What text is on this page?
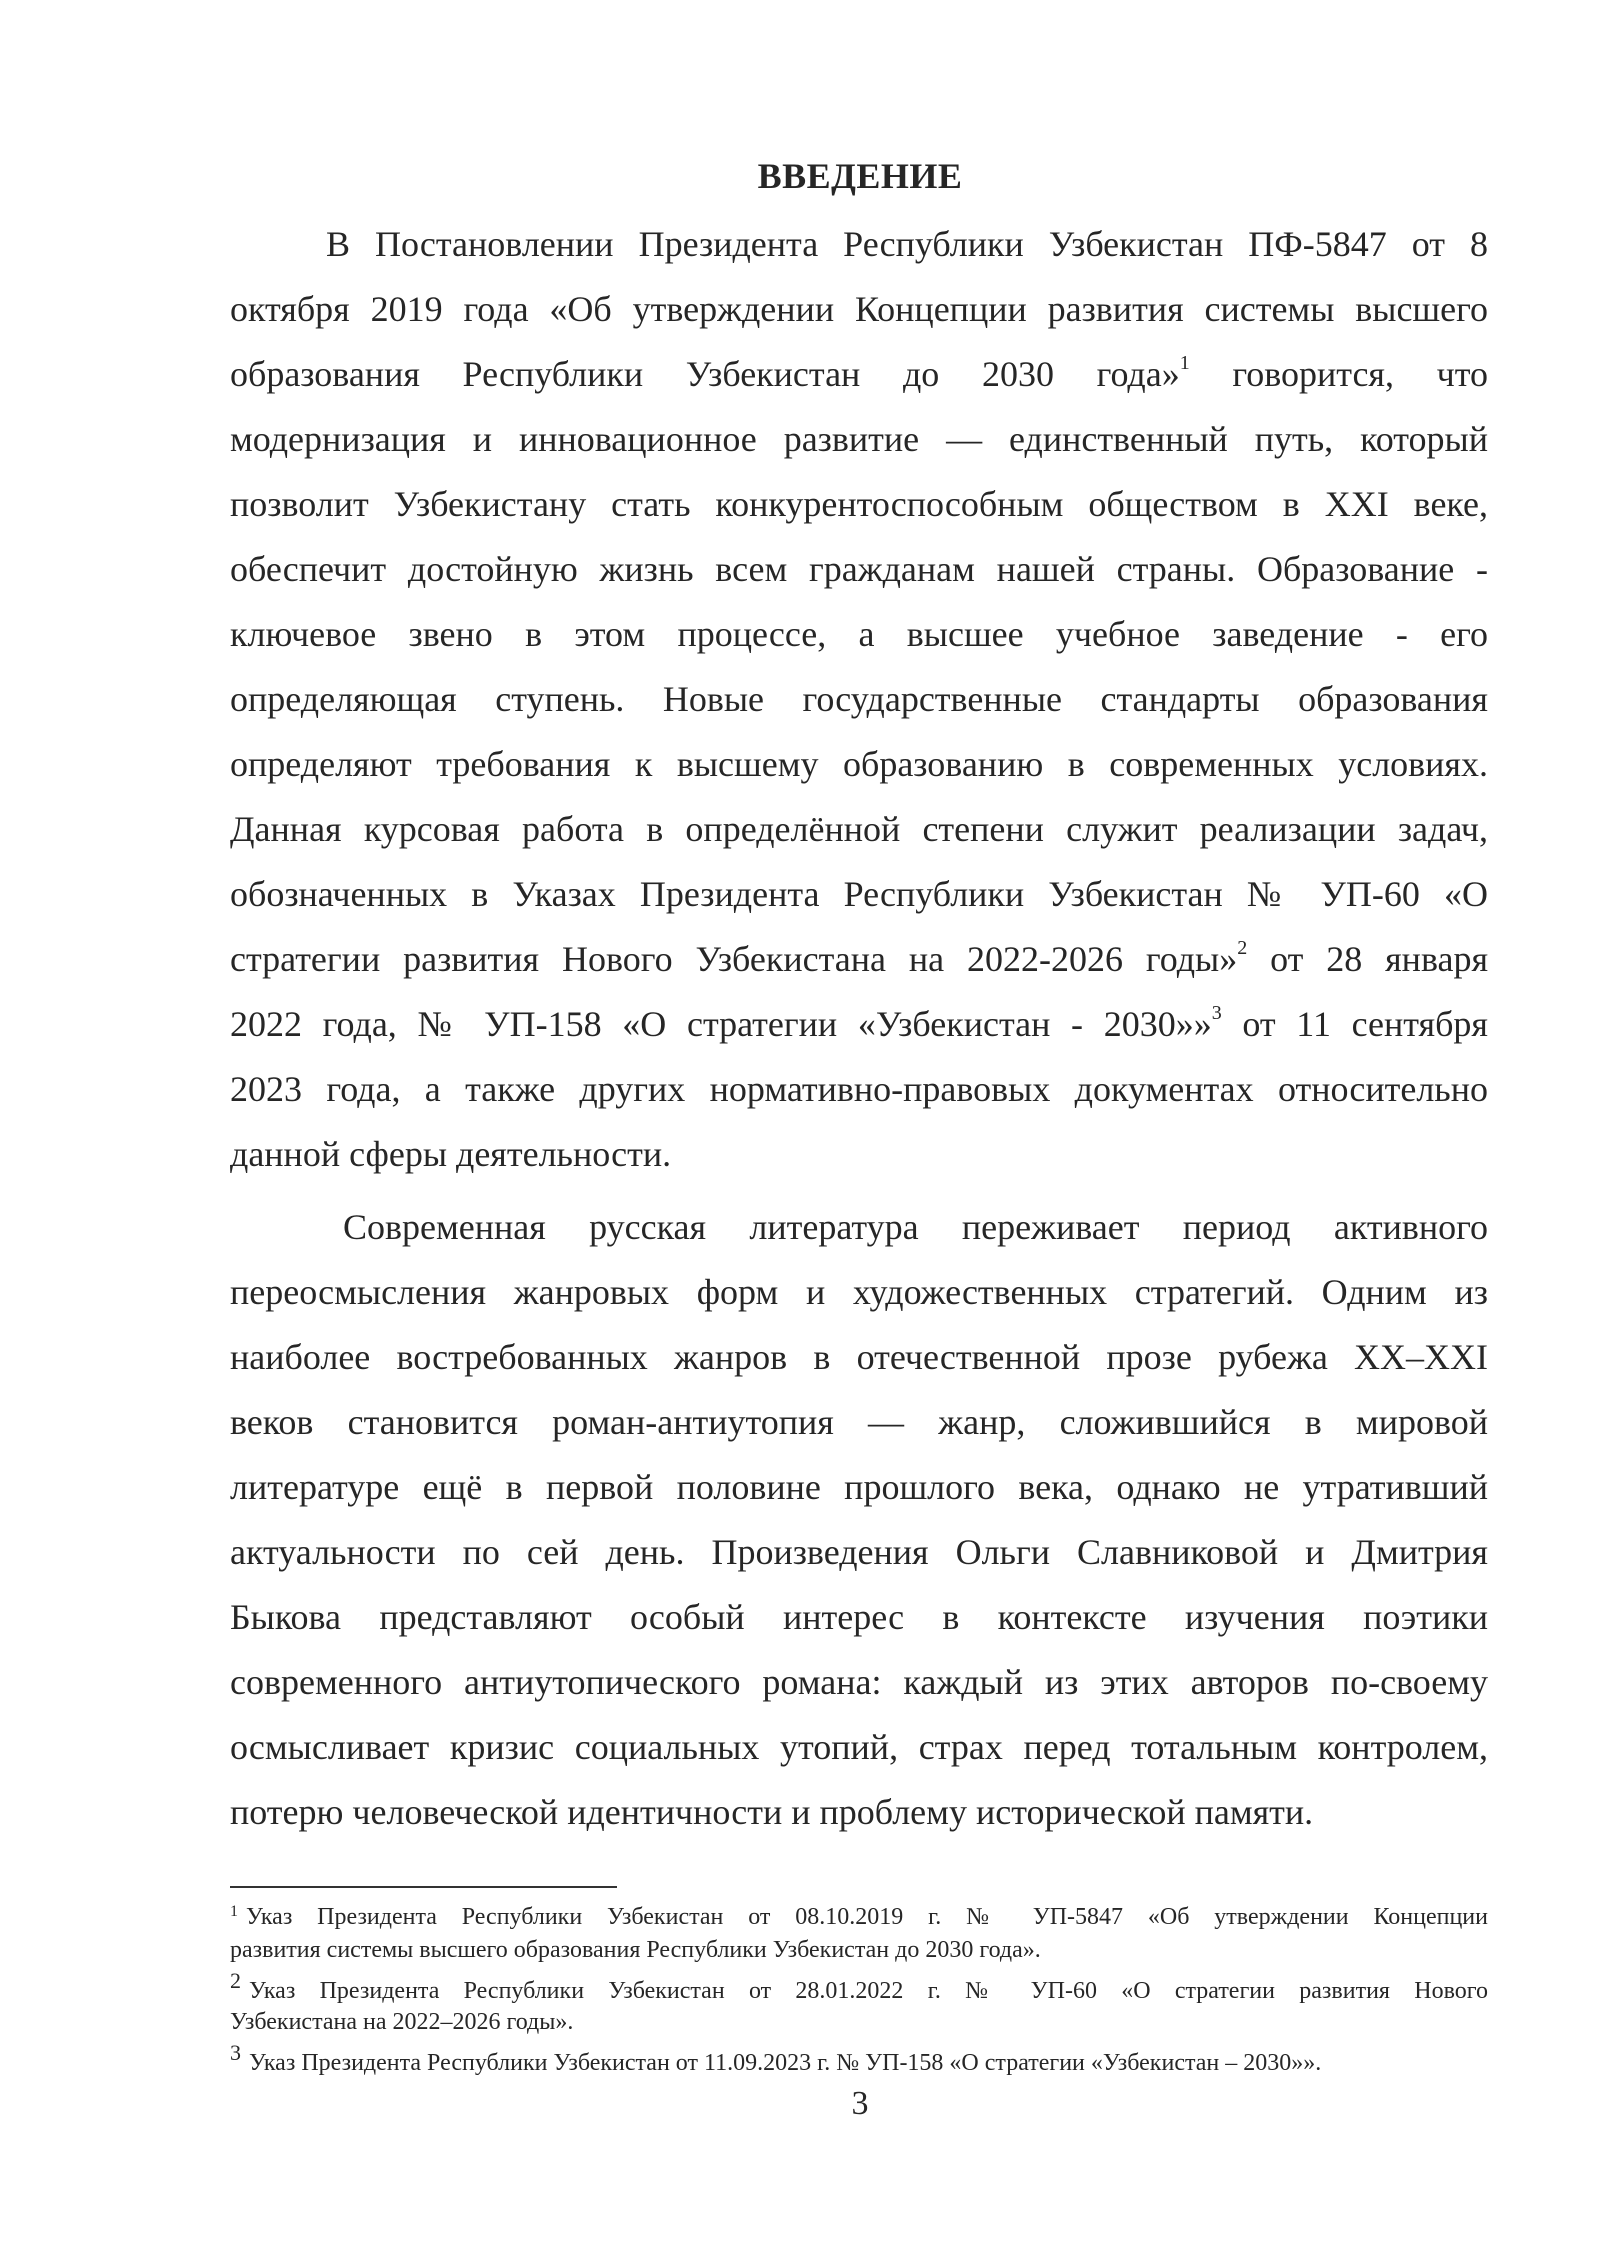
ВВЕДЕНИЕ
В Постановлении Президента Республики Узбекистан ПФ-5847 от 8
октября 2019 года «Об утверждении Концепции развития системы высшего
образования Республики Узбекистан до 2030 года»$^1$ говорится, что
модернизация и инновационное развитие — единственный путь, который
позволит Узбекистану стать конкурентоспособным обществом в XXI веке,
обеспечит достойную жизнь всем гражданам нашей страны. Образование -
ключевое звено в этом процессе, а высшее учебное заведение - его
определяющая ступень. Новые государственные стандарты образования
определяют требования к высшему образованию в современных условиях.
Данная курсовая работа в определённой степени служит реализации задач,
обозначенных в Указах Президента Республики Узбекистан № УП-60 «О
стратегии развития Нового Узбекистана на 2022-2026 годы»$^2$ от 28 января
2022 года, № УП-158 «О стратегии «Узбекистан - 2030»»$^3$ от 11 сентября
2023 года, а также других нормативно-правовых документах относительно
данной сферы деятельности.
Современная русская литература переживает период активного
переосмысления жанровых форм и художественных стратегий. Одним из
наиболее востребованных жанров в отечественной прозе рубежа XX–XXI
веков становится роман-антиутопия — жанр, сложившийся в мировой
литературе ещё в первой половине прошлого века, однако не утративший
актуальности по сей день. Произведения Ольги Славниковой и Дмитрия
Быкова представляют особый интерес в контексте изучения поэтики
современного антиутопического романа: каждый из этих авторов по-своему
осмысливает кризис социальных утопий, страх перед тотальным контролем,
потерю человеческой идентичности и проблему исторической памяти.
$^1$ Указ Президента Республики Узбекистан от 08.10.2019 г. № УП-5847 «Об утверждении Концепции
развития системы высшего образования Республики Узбекистан до 2030 года».
2 Указ Президента Республики Узбекистан от 28.01.2022 г. № УП-60 «О стратегии развития Нового
Узбекистана на 2022–2026 годы».
3 Указ Президента Республики Узбекистан от 11.09.2023 г. № УП-158 «О стратегии «Узбекистан – 2030»».
3
